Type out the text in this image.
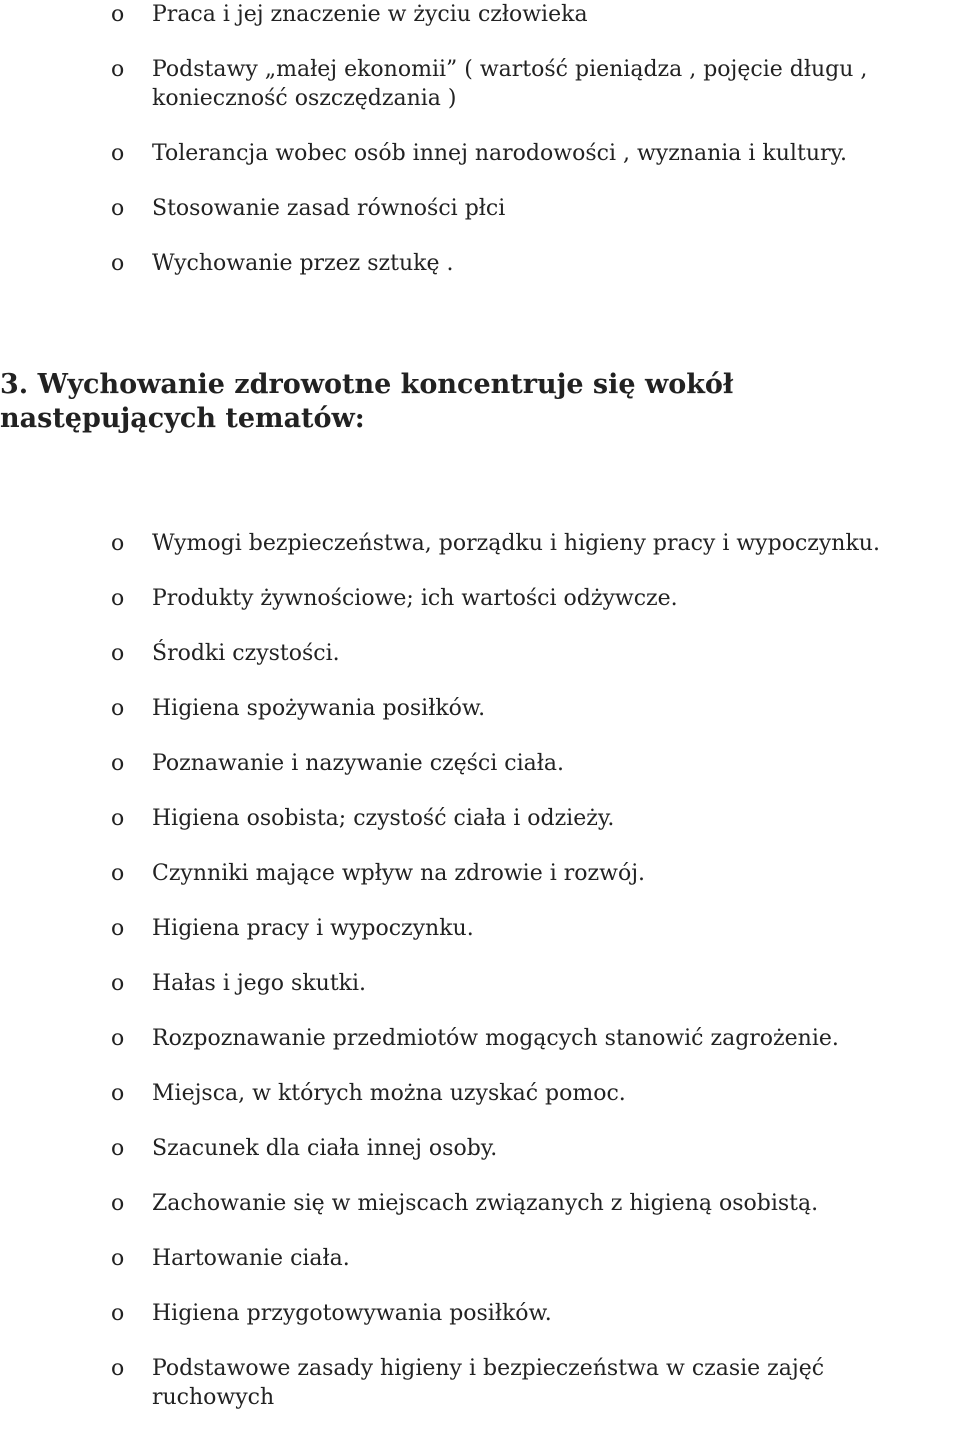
o Praca i jej znaczenie w życiu człowieka
o Podstawy „małej ekonomii” ( wartość pieniądza , pojęcie długu , konieczność oszczędzania )
o Tolerancja wobec osób innej narodowości , wyznania i kultury.
o Stosowanie zasad równości płci
o Wychowanie przez sztukę .
3. Wychowanie zdrowotne koncentruje się wokół
następujących tematów:
o Wymogi bezpieczeństwa, porządku i higieny pracy i wypoczynku.
o Produkty żywnościowe; ich wartości odżywcze.
o Środki czystości.
o Higiena spożywania posiłków.
o Poznawanie i nazywanie części ciała.
o Higiena osobista; czystość ciała i odzieży.
o Czynniki mające wpływ na zdrowie i rozwój.
o Higiena pracy i wypoczynku.
o Hałas i jego skutki.
o Rozpoznawanie przedmiotów mogących stanowić zagrożenie.
o Miejsca, w których można uzyskać pomoc.
o Szacunek dla ciała innej osoby.
o Zachowanie się w miejscach związanych z higieną osobistą.
o Hartowanie ciała.
o Higiena przygotowywania posiłków.
o Podstawowe zasady higieny i bezpieczeństwa w czasie zajęć ruchowych
